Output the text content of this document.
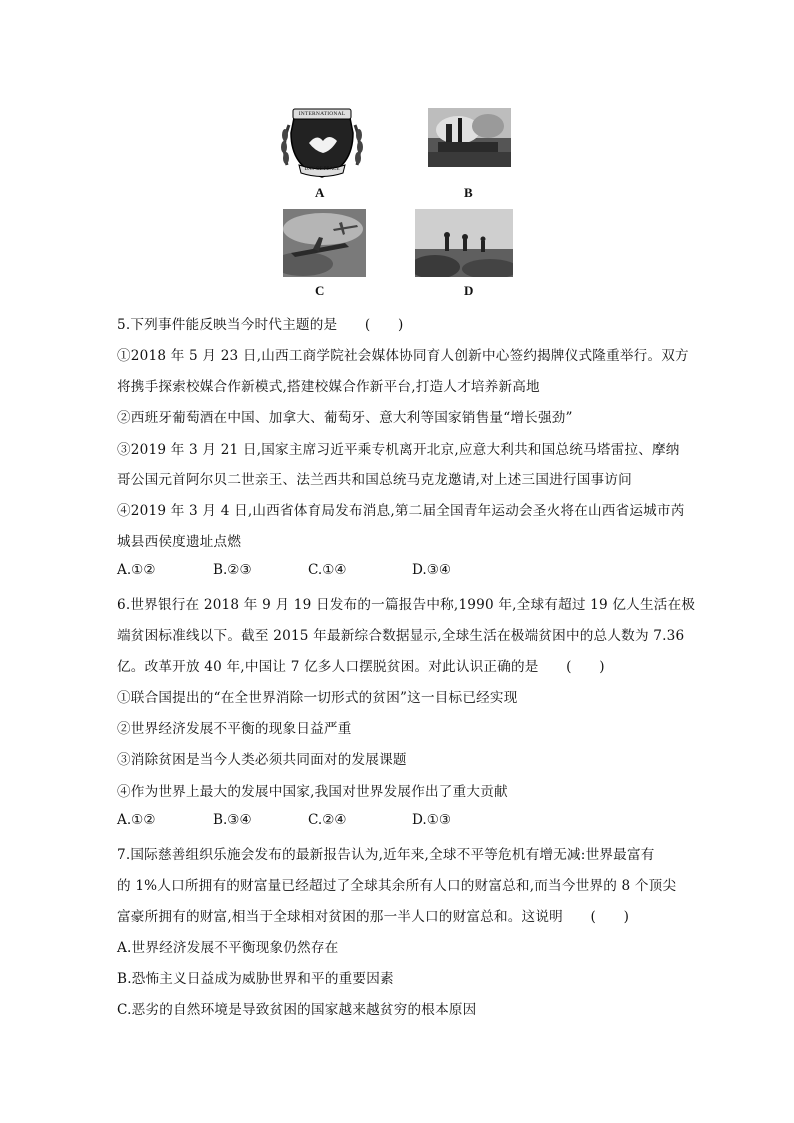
INTERNATIONAL
DAY OF PEACE
A	B
C	D
5.下列事件能反映当今时代主题的是　　(　　)
①2018 年 5 月 23 日,山西工商学院社会媒体协同育人创新中心签约揭牌仪式隆重举行。双方
将携手探索校媒合作新模式,搭建校媒合作新平台,打造人才培养新高地
②西班牙葡萄酒在中国、加拿大、葡萄牙、意大利等国家销售量“增长强劲”
③2019 年 3 月 21 日,国家主席习近平乘专机离开北京,应意大利共和国总统马塔雷拉、摩纳
哥公国元首阿尔贝二世亲王、法兰西共和国总统马克龙邀请,对上述三国进行国事访问
④2019 年 3 月 4 日,山西省体育局发布消息,第二届全国青年运动会圣火将在山西省运城市芮
城县西侯度遗址点燃
A.①②	B.②③	C.①④	D.③④
6.世界银行在 2018 年 9 月 19 日发布的一篇报告中称,1990 年,全球有超过 19 亿人生活在极
端贫困标准线以下。截至 2015 年最新综合数据显示,全球生活在极端贫困中的总人数为 7.36
亿。改革开放 40 年,中国让 7 亿多人口摆脱贫困。对此认识正确的是　　(　　)
①联合国提出的“在全世界消除一切形式的贫困”这一目标已经实现
②世界经济发展不平衡的现象日益严重
③消除贫困是当今人类必须共同面对的发展课题
④作为世界上最大的发展中国家,我国对世界发展作出了重大贡献
A.①②	B.③④	C.②④	D.①③
7.国际慈善组织乐施会发布的最新报告认为,近年来,全球不平等危机有增无减:世界最富有
的 1%人口所拥有的财富量已经超过了全球其余所有人口的财富总和,而当今世界的 8 个顶尖
富豪所拥有的财富,相当于全球相对贫困的那一半人口的财富总和。这说明　　(　　)
A.世界经济发展不平衡现象仍然存在
B.恐怖主义日益成为威胁世界和平的重要因素
C.恶劣的自然环境是导致贫困的国家越来越贫穷的根本原因
